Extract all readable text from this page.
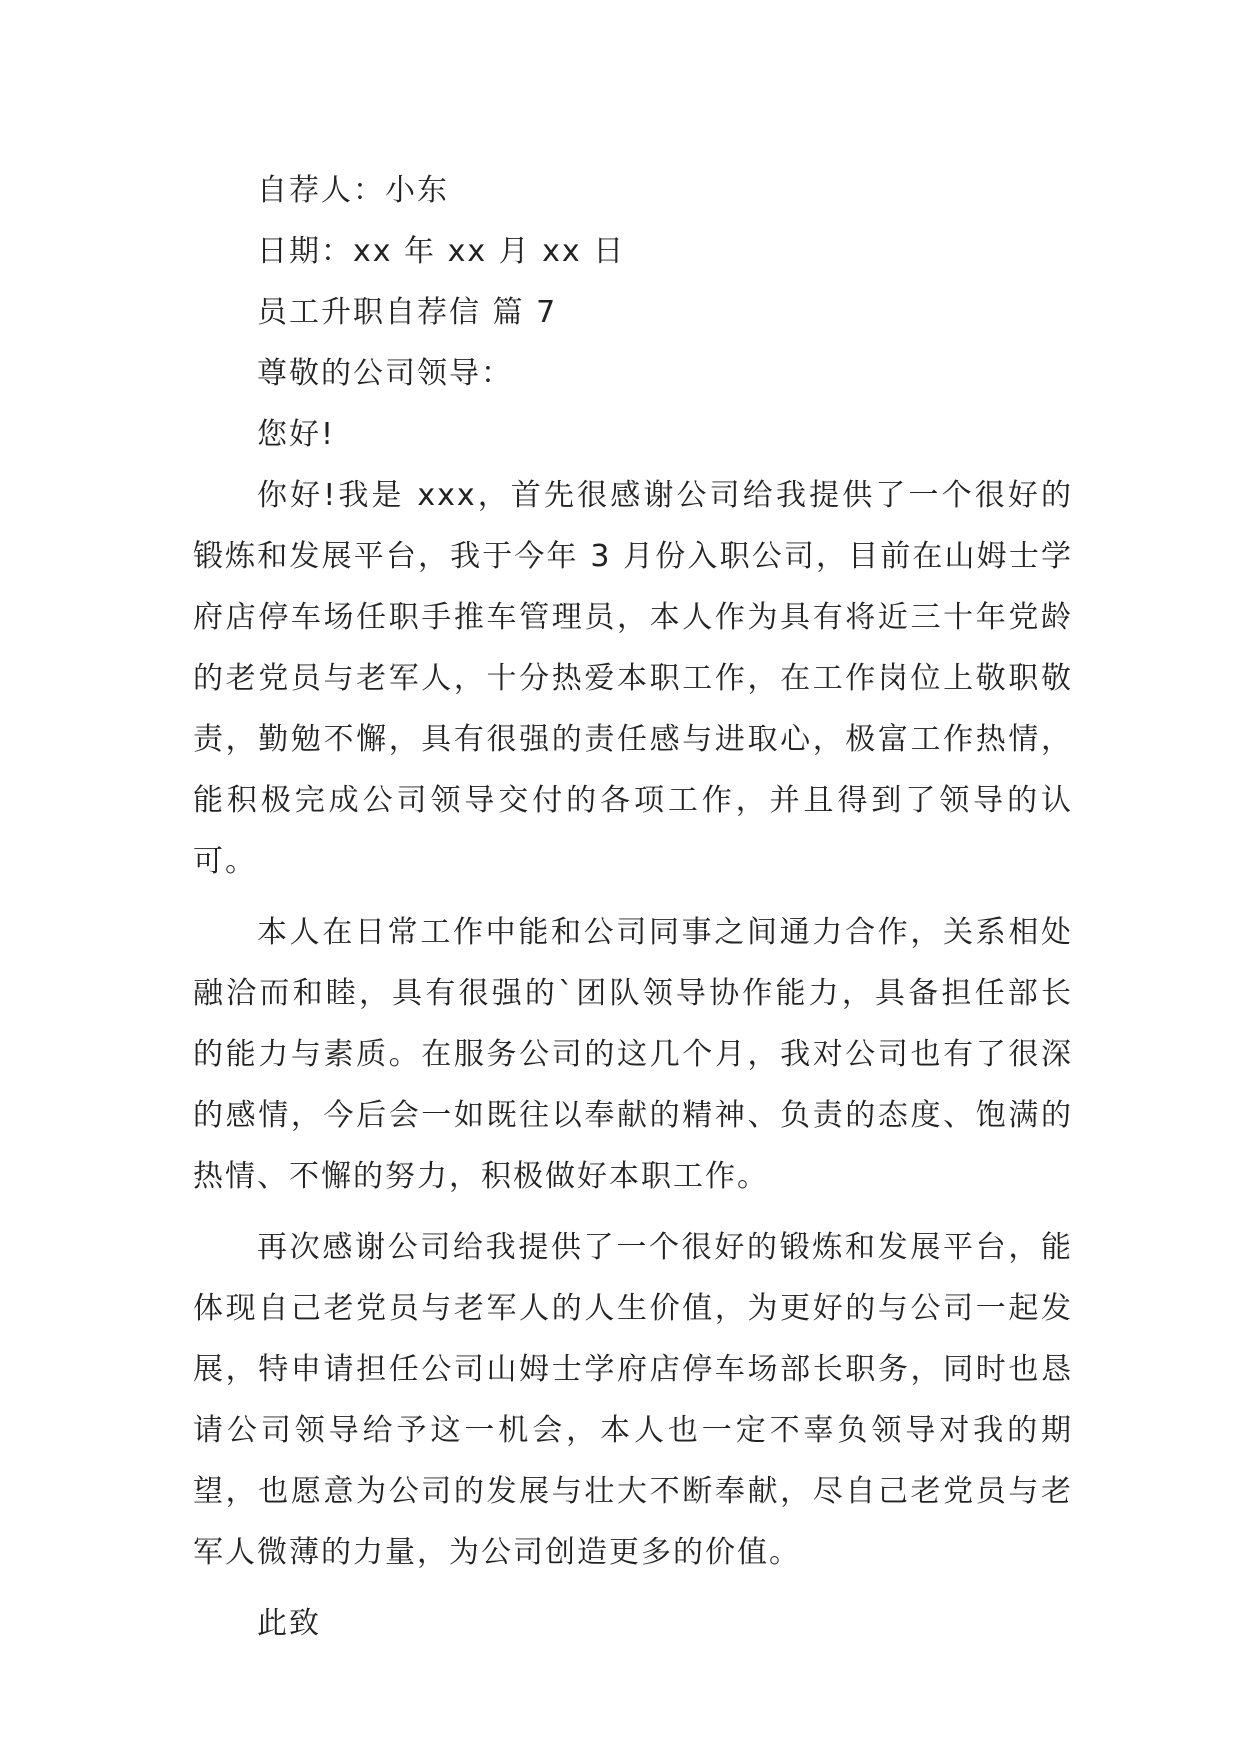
自荐人：小东

日期：xx 年 xx 月 xx 日

员工升职自荐信 篇 7

尊敬的公司领导：

您好!

你好!我是 xxx，首先很感谢公司给我提供了一个很好的锻炼和发展平台，我于今年 3 月份入职公司，目前在山姆士学府店停车场任职手推车管理员，本人作为具有将近三十年党龄的老党员与老军人，十分热爱本职工作，在工作岗位上敬职敬责，勤勉不懈，具有很强的责任感与进取心，极富工作热情，能积极完成公司领导交付的各项工作，并且得到了领导的认可。

本人在日常工作中能和公司同事之间通力合作，关系相处融洽而和睦，具有很强的`团队领导协作能力，具备担任部长的能力与素质。在服务公司的这几个月，我对公司也有了很深的感情，今后会一如既往以奉献的精神、负责的态度、饱满的热情、不懈的努力，积极做好本职工作。

再次感谢公司给我提供了一个很好的锻炼和发展平台，能体现自己老党员与老军人的人生价值，为更好的与公司一起发展，特申请担任公司山姆士学府店停车场部长职务，同时也恳请公司领导给予这一机会，本人也一定不辜负领导对我的期望，也愿意为公司的发展与壮大不断奉献，尽自己老党员与老军人微薄的力量，为公司创造更多的价值。

此致
